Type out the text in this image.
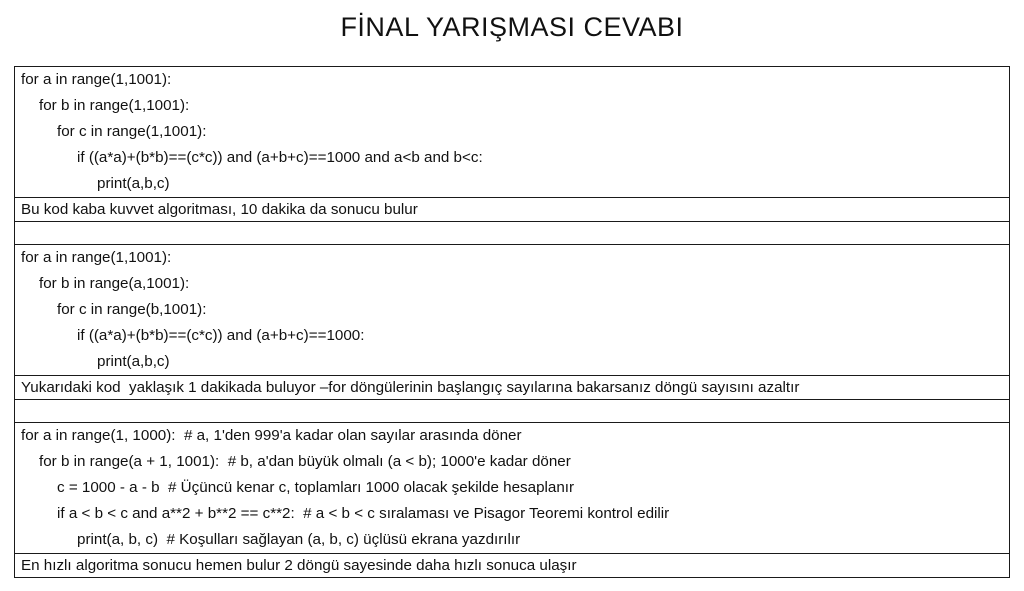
FİNAL YARIŞMASI CEVABI
for a in range(1,1001):
for b in range(1,1001):
for c in range(1,1001):
if ((a*a)+(b*b)==(c*c)) and (a+b+c)==1000 and a<b and b<c:
print(a,b,c)

Bu kod kaba kuvvet algoritması, 10 dakika da sonucu bulur

for a in range(1,1001):
for b in range(a,1001):
for c in range(b,1001):
if ((a*a)+(b*b)==(c*c)) and (a+b+c)==1000:
print(a,b,c)

Yukarıdaki kod  yaklaşık 1 dakikada buluyor –for döngülerinin başlangıç sayılarına bakarsanız döngü sayısını azaltır

for a in range(1, 1000):  # a, 1'den 999'a kadar olan sayılar arasında döner
for b in range(a + 1, 1001):  # b, a'dan büyük olmalı (a < b); 1000'e kadar döner
c = 1000 - a - b  # Üçüncü kenar c, toplamları 1000 olacak şekilde hesaplanır
if a < b < c and a**2 + b**2 == c**2:  # a < b < c sıralaması ve Pisagor Teoremi kontrol edilir
print(a, b, c)  # Koşulları sağlayan (a, b, c) üçlüsü ekrana yazdırılır

En hızlı algoritma sonucu hemen bulur 2 döngü sayesinde daha hızlı sonuca ulaşır
